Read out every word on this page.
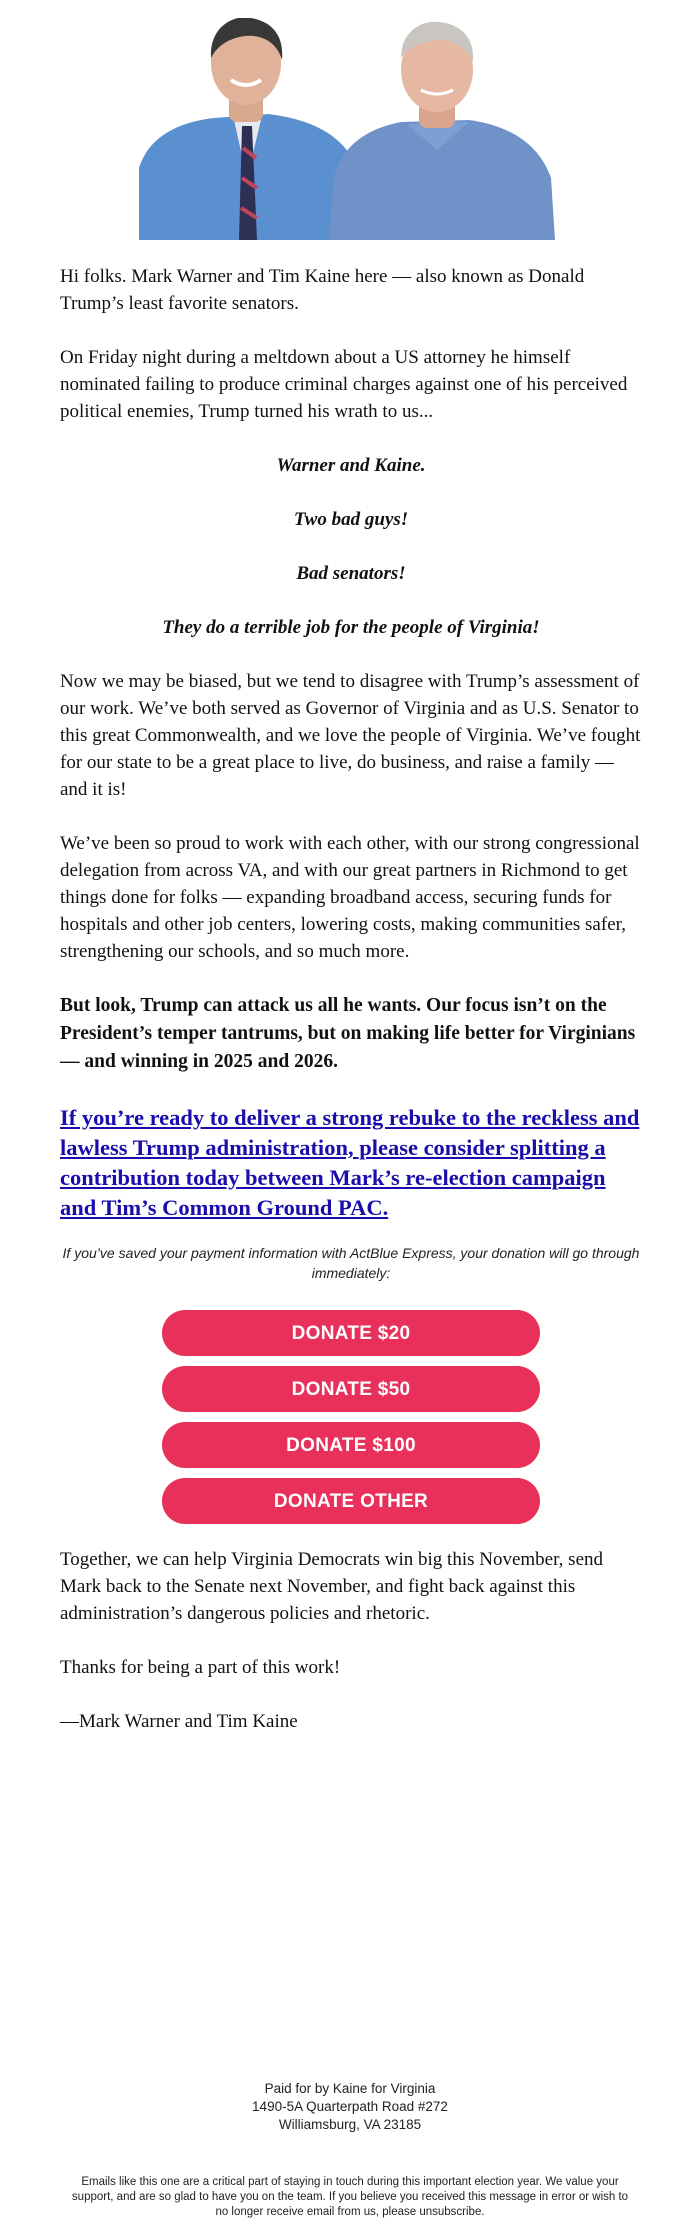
Hi folks. Mark Warner and Tim Kaine here — also known as Donald Trump’s least favorite senators.

On Friday night during a meltdown about a US attorney he himself nominated failing to produce criminal charges against one of his perceived political enemies, Trump turned his wrath to us...

Warner and Kaine.

Two bad guys!

Bad senators!

They do a terrible job for the people of Virginia!

Now we may be biased, but we tend to disagree with Trump’s assessment of our work. We’ve both served as Governor of Virginia and as U.S. Senator to this great Commonwealth, and we love the people of Virginia. We’ve fought for our state to be a great place to live, do business, and raise a family — and it is!

We’ve been so proud to work with each other, with our strong congressional delegation from across VA, and with our great partners in Richmond to get things done for folks — expanding broadband access, securing funds for hospitals and other job centers, lowering costs, making communities safer, strengthening our schools, and so much more.

But look, Trump can attack us all he wants. Our focus isn’t on the President’s temper tantrums, but on making life better for Virginians — and winning in 2025 and 2026.

If you’re ready to deliver a strong rebuke to the reckless and lawless Trump administration, please consider splitting a contribution today between Mark’s re-election campaign and Tim’s Common Ground PAC.

If you’ve saved your payment information with ActBlue Express, your donation will go through immediately:

DONATE $20
DONATE $50
DONATE $100
DONATE OTHER

Together, we can help Virginia Democrats win big this November, send Mark back to the Senate next November, and fight back against this administration’s dangerous policies and rhetoric.

Thanks for being a part of this work!

—Mark Warner and Tim Kaine

Paid for by Kaine for Virginia
1490-5A Quarterpath Road #272
Williamsburg, VA 23185
Emails like this one are a critical part of staying in touch during this important election year. We value your support, and are so glad to have you on the team. If you believe you received this message in error or wish to no longer receive email from us, please unsubscribe.
